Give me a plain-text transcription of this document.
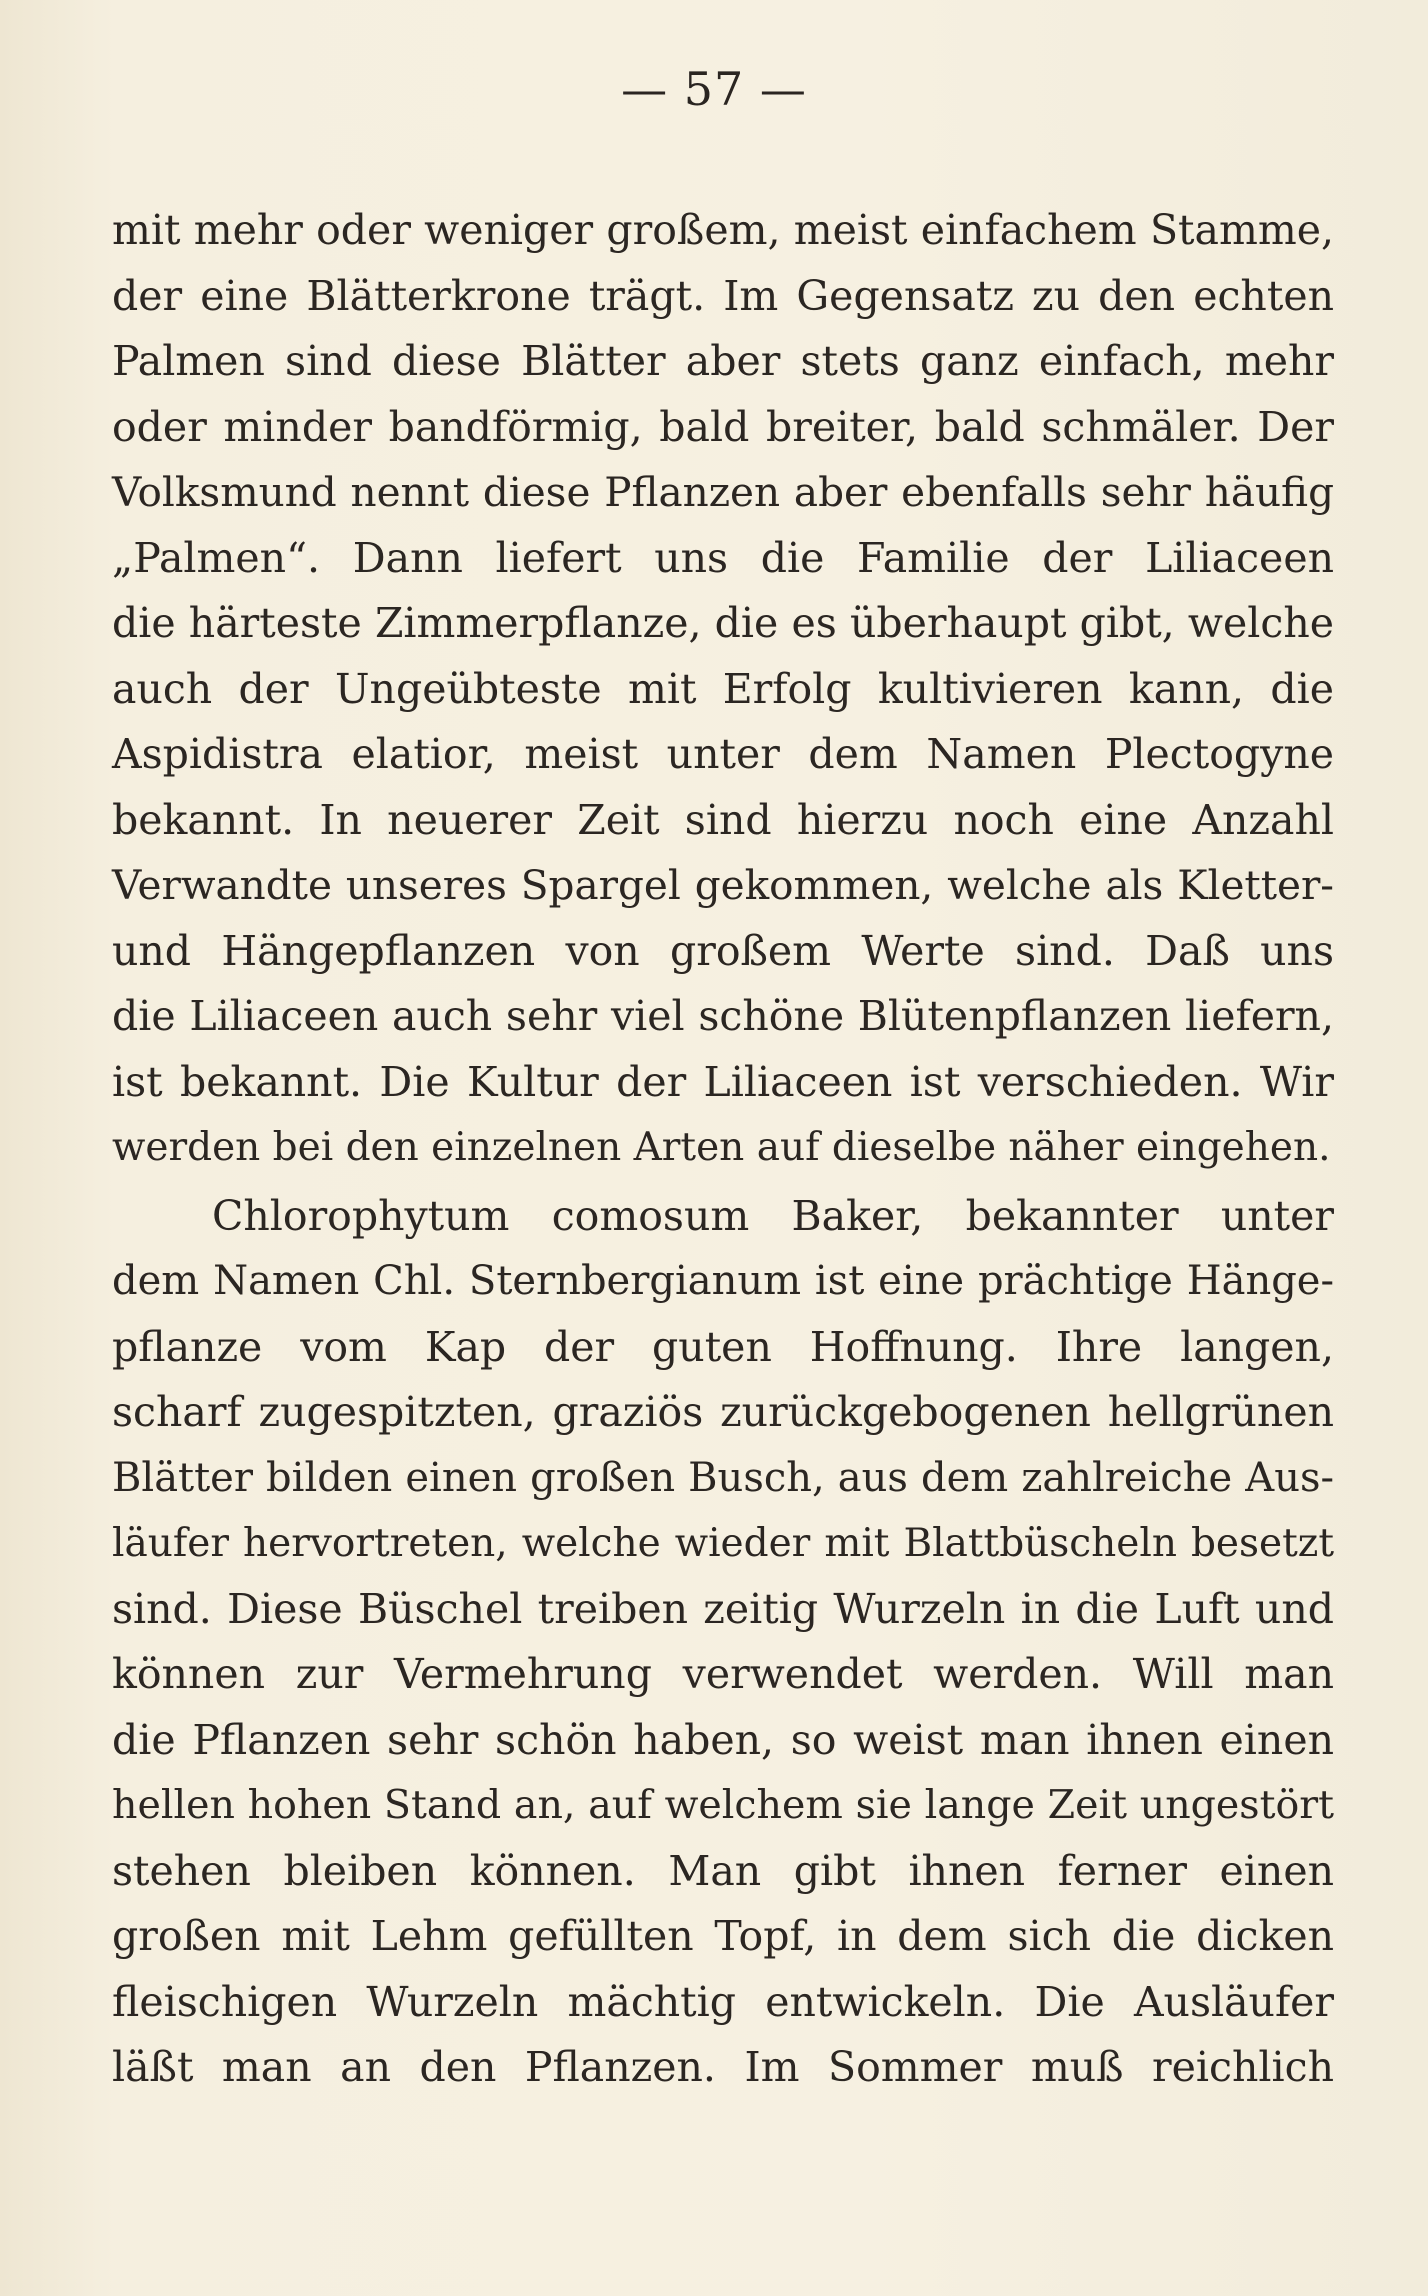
— 57 —
mit mehr oder weniger großem, meist einfachem Stamme,
der eine Blätterkrone trägt. Im Gegensatz zu den echten
Palmen sind diese Blätter aber stets ganz einfach, mehr
oder minder bandförmig, bald breiter, bald schmäler. Der
Volksmund nennt diese Pflanzen aber ebenfalls sehr häufig
„Palmen“. Dann liefert uns die Familie der Liliaceen
die härteste Zimmerpflanze, die es überhaupt gibt, welche
auch der Ungeübteste mit Erfolg kultivieren kann, die
Aspidistra elatior, meist unter dem Namen Plectogyne
bekannt. In neuerer Zeit sind hierzu noch eine Anzahl
Verwandte unseres Spargel gekommen, welche als Kletter-
und Hängepflanzen von großem Werte sind. Daß uns
die Liliaceen auch sehr viel schöne Blütenpflanzen liefern,
ist bekannt. Die Kultur der Liliaceen ist verschieden. Wir
werden bei den einzelnen Arten auf dieselbe näher eingehen.
Chlorophytum comosum Baker, bekannter unter
dem Namen Chl. Sternbergianum ist eine prächtige Hänge-
pflanze vom Kap der guten Hoffnung. Ihre langen,
scharf zugespitzten, graziös zurückgebogenen hellgrünen
Blätter bilden einen großen Busch, aus dem zahlreiche Aus-
läufer hervortreten, welche wieder mit Blattbüscheln besetzt
sind. Diese Büschel treiben zeitig Wurzeln in die Luft und
können zur Vermehrung verwendet werden. Will man
die Pflanzen sehr schön haben, so weist man ihnen einen
hellen hohen Stand an, auf welchem sie lange Zeit ungestört
stehen bleiben können. Man gibt ihnen ferner einen
großen mit Lehm gefüllten Topf, in dem sich die dicken
fleischigen Wurzeln mächtig entwickeln. Die Ausläufer
läßt man an den Pflanzen. Im Sommer muß reichlich
